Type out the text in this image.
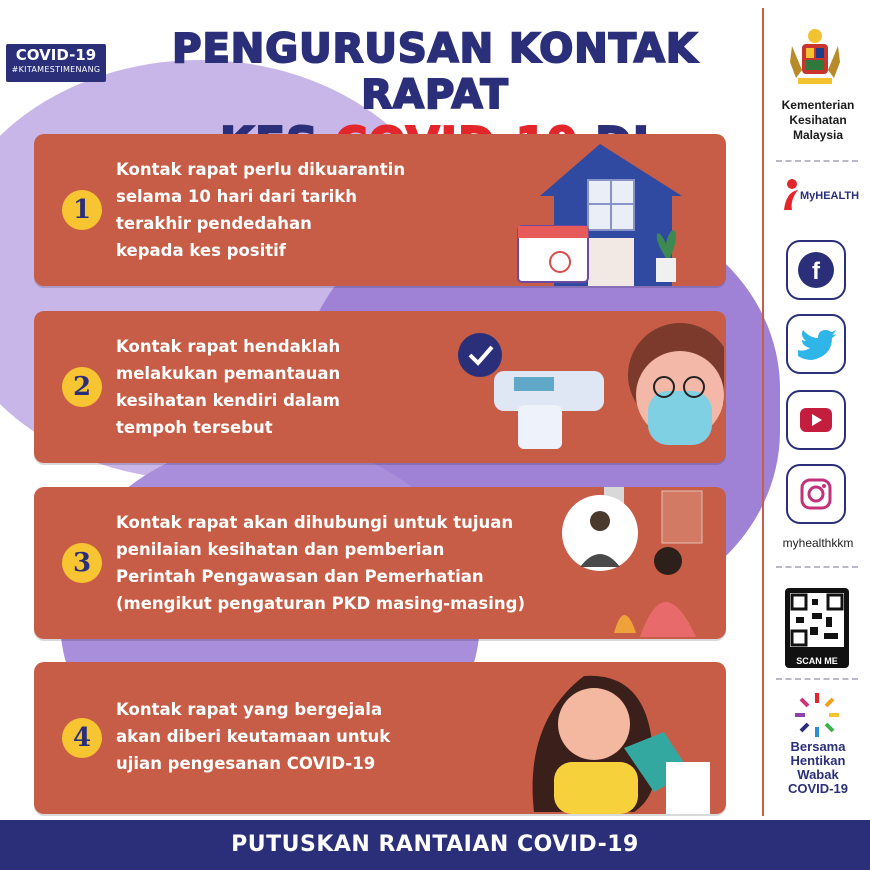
COVID-19
#KITAMESTIMENANG	PENGURUSAN KONTAK RAPAT
1
Kontak rapat perlu dikuarantin
selama 10 hari dari tarikh
terakhir pendedahan
kepada kes positif
2
Kontak rapat hendaklah
melakukan pemantauan
kesihatan kendiri dalam
tempoh tersebut
3
Kontak rapat akan dihubungi untuk tujuan
penilaian kesihatan dan pemberian
Perintah Pengawasan dan Pemerhatian
(mengikut pengaturan PKD masing-masing)
4
Kontak rapat yang bergejala
akan diberi keutamaan untuk
ujian pengesanan COVID-19
Kementerian
Kesihatan
Malaysia
MyHEALTH
f
myhealthkkm
SCAN ME
Bersama
Hentikan
Wabak
COVID-19
PUTUSKAN RANTAIAN COVID-19
